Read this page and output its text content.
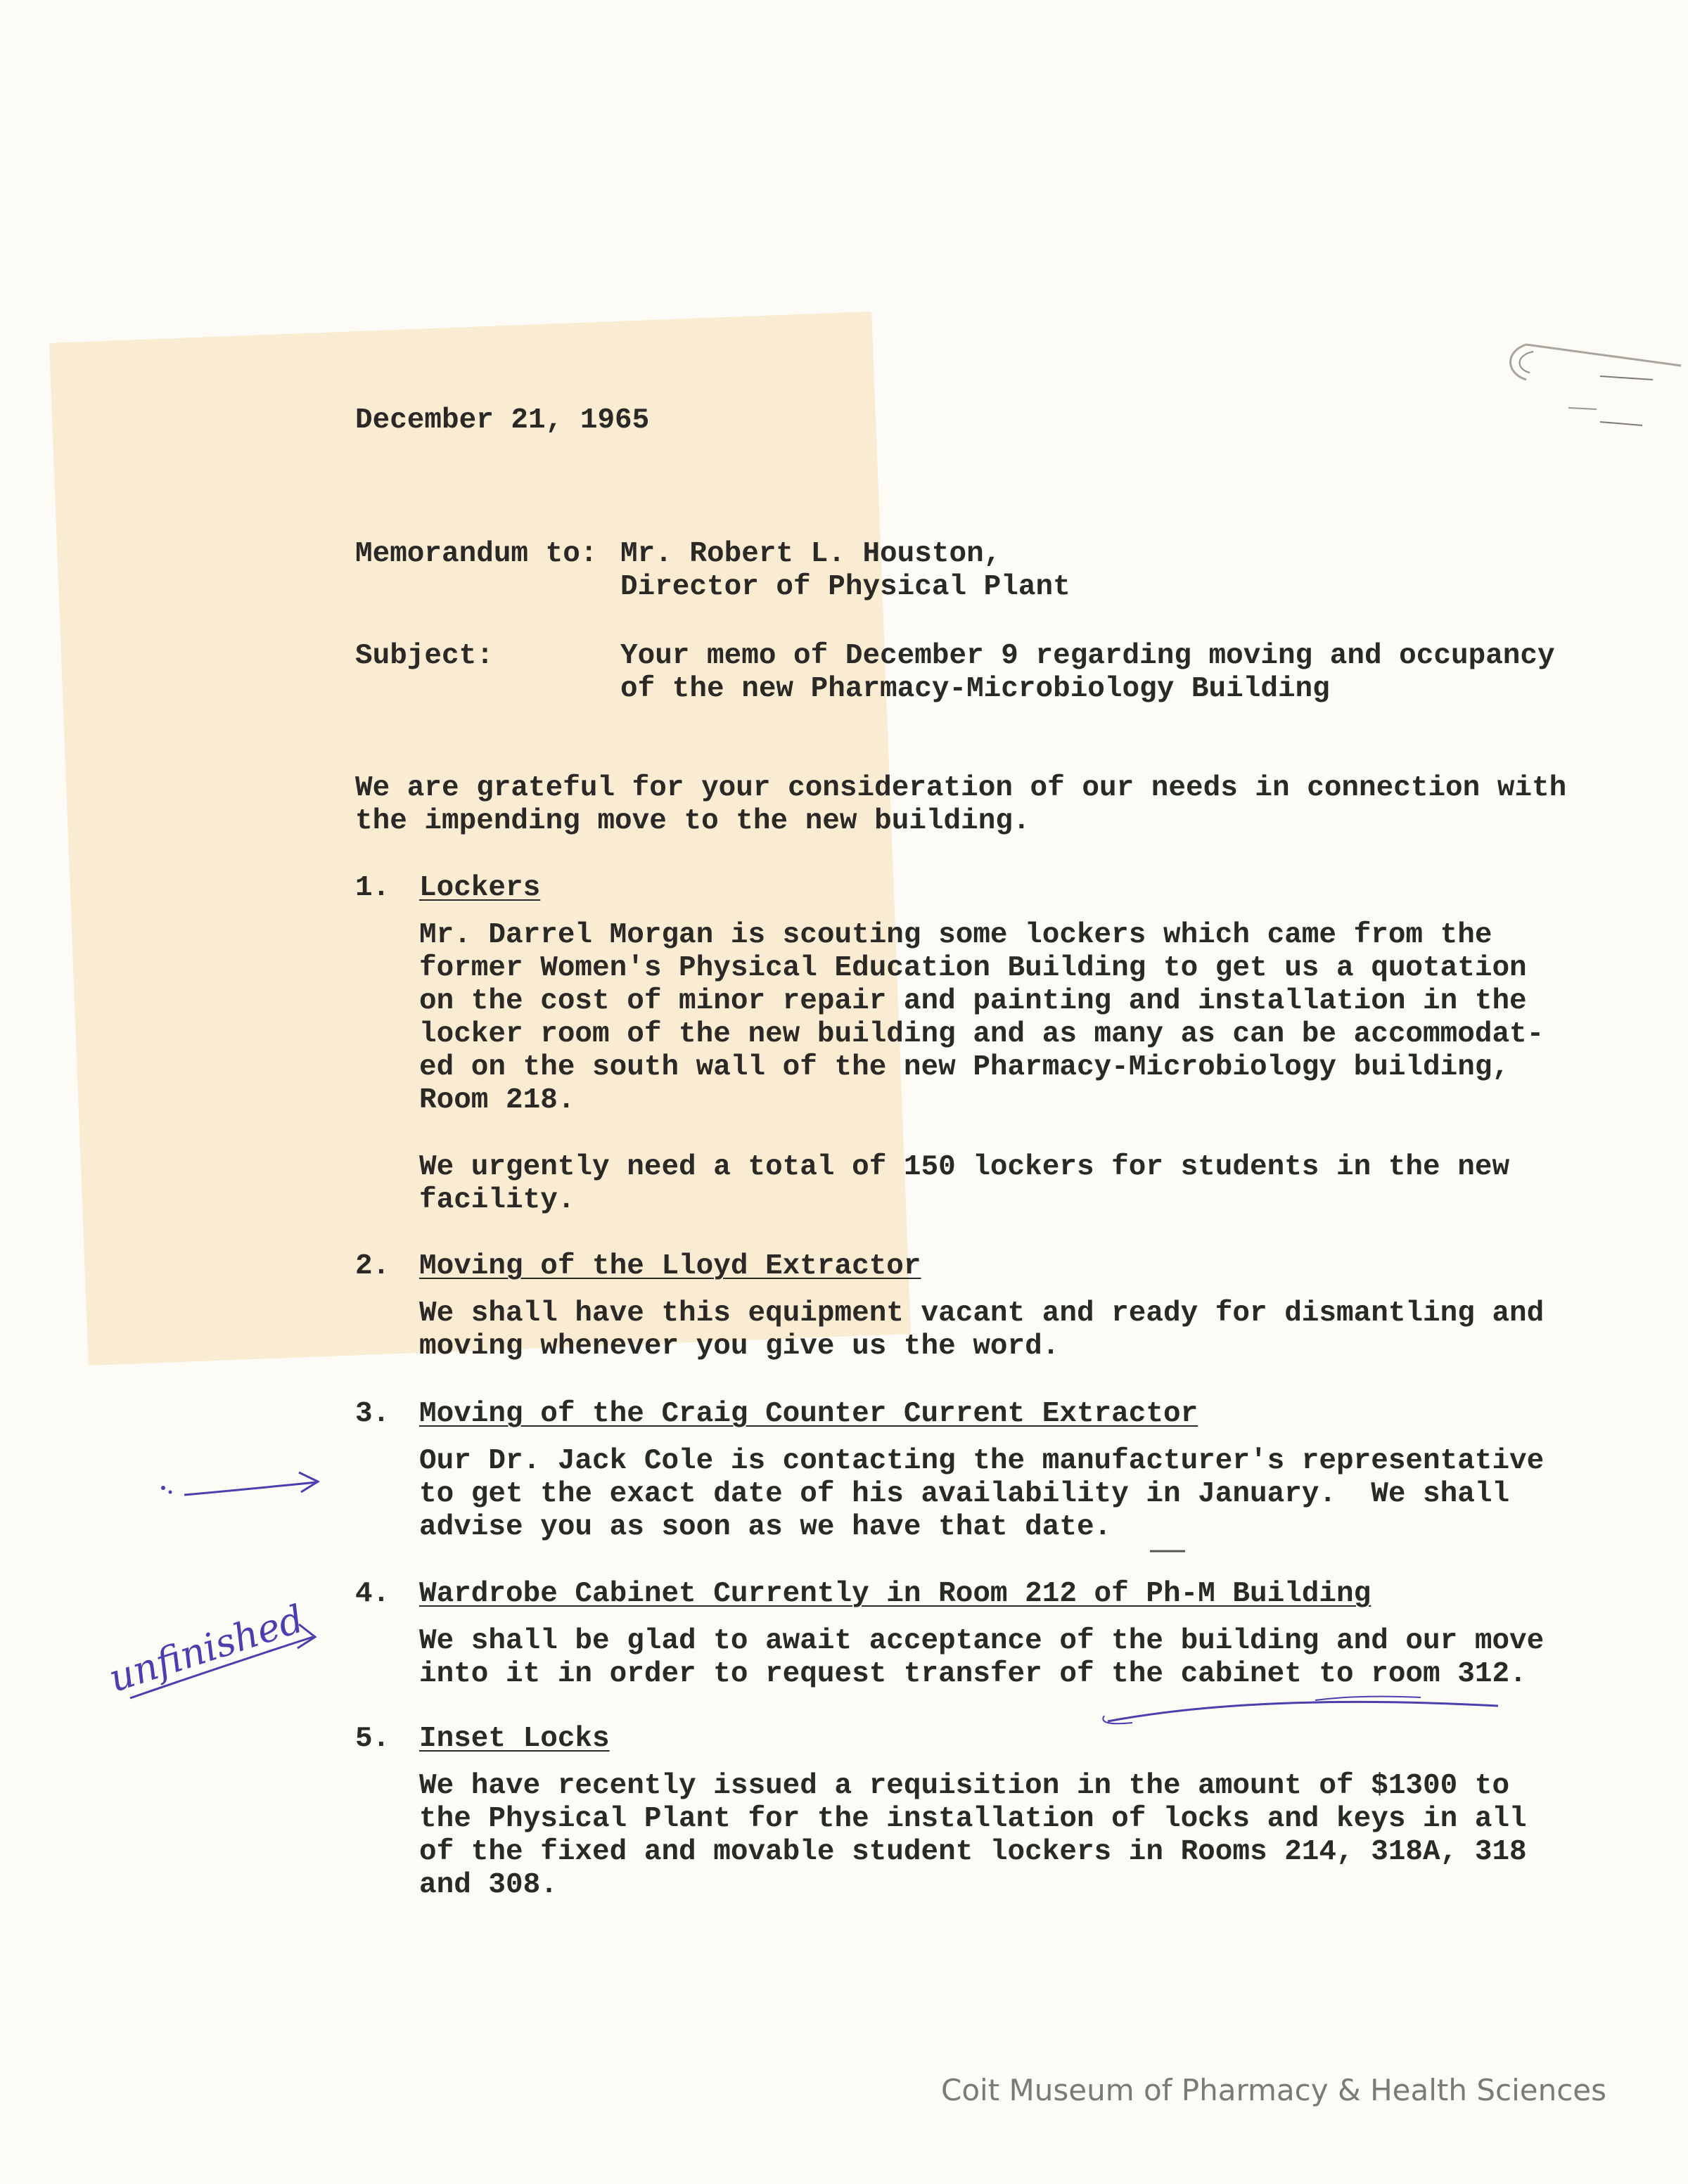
December 21, 1965
Memorandum to: Mr. Robert L. Houston,
Director of Physical Plant
Subject:	Your memo of December 9 regarding moving and occupancy
of the new Pharmacy-Microbiology Building
We are grateful for your consideration of our needs in connection with
the impending move to the new building.
1. Lockers
Mr. Darrel Morgan is scouting some lockers which came from the
former Women's Physical Education Building to get us a quotation
on the cost of minor repair and painting and installation in the
locker room of the new building and as many as can be accommodat-
ed on the south wall of the new Pharmacy-Microbiology building,
Room 218.
We urgently need a total of 150 lockers for students in the new
facility.
2. Moving of the Lloyd Extractor
We shall have this equipment vacant and ready for dismantling and
moving whenever you give us the word.
3. Moving of the Craig Counter Current Extractor
Our Dr. Jack Cole is contacting the manufacturer's representative
to get the exact date of his availability in January.  We shall
advise you as soon as we have that date.
4. Wardrobe Cabinet Currently in Room 212 of Ph-M Building
We shall be glad to await acceptance of the building and our move
into it in order to request transfer of the cabinet to room 312.
5. Inset Locks
We have recently issued a requisition in the amount of $1300 to
the Physical Plant for the installation of locks and keys in all
of the fixed and movable student lockers in Rooms 214, 318A, 318
and 308.
unfinished
Coit Museum of Pharmacy & Health Sciences
